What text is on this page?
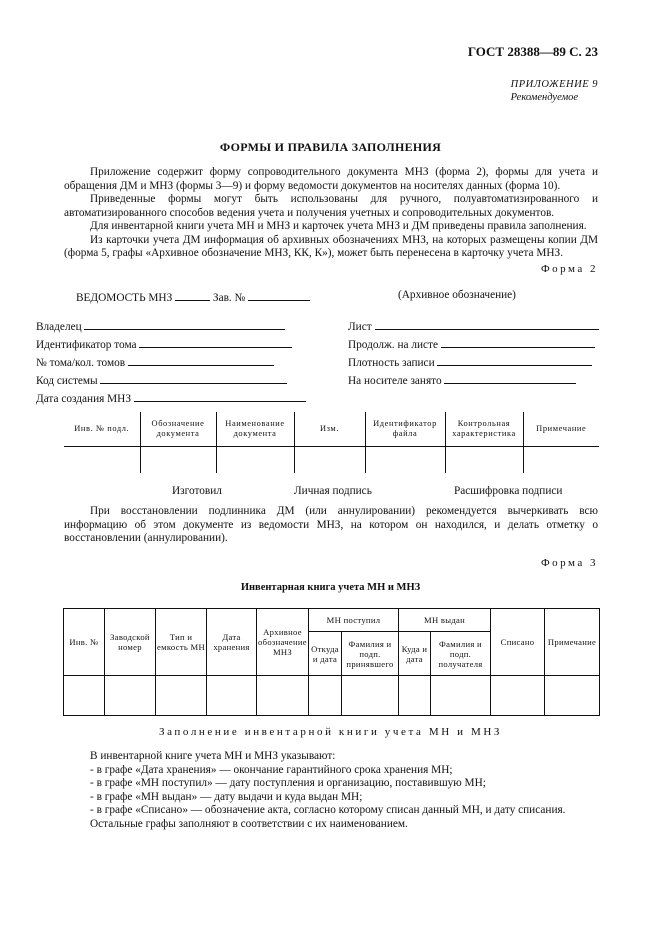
ГОСТ 28388—89 С. 23
ПРИЛОЖЕНИЕ 9
Рекомендуемое
ФОРМЫ И ПРАВИЛА ЗАПОЛНЕНИЯ

Приложение содержит форму сопроводительного документа МНЗ (форма 2), формы для учета и обращения ДМ и МНЗ (формы 3—9) и форму ведомости документов на носителях данных (форма 10).

Приведенные формы могут быть использованы для ручного, полуавтоматизированного и автоматизированного способов ведения учета и получения учетных и сопроводительных документов.

Для инвентарной книги учета МН и МНЗ и карточек учета МНЗ и ДМ приведены правила заполнения.

Из карточки учета ДМ информация об архивных обозначениях МНЗ, на которых размещены копии ДМ (форма 5, графы «Архивное обозначение МНЗ, КК, К»), может быть перенесена в карточку учета МНЗ.

Форма 2
ВЕДОМОСТЬ МНЗ	Зав. №	(Архивное обозначение)
Владелец
Идентификатор тома
№ тома/кол. томов
Код системы
Дата создания МНЗ
Лист
Продолж. на листе
Плотность записи
На носителе занято
Инв. № подл.	Обозначение документа	Наименование документа	Изм.	Идентификатор файла	Контрольная характеристика	Примечание

Изготовил	Личная подпись	Расшифровка подписи

При восстановлении подлинника ДМ (или аннулировании) рекомендуется вычеркивать всю информацию об этом документе из ведомости МНЗ, на котором он находился, и делать отметку о восстановлении (аннулировании).

Форма 3
Инвентарная книга учета МН и МНЗ
Инв. №	Заводской номер	Тип и емкость МН	Дата хранения	Архивное обозначение МНЗ	МН поступил		МН выдан		Списано	Примечание
					Откуда и дата	Фамилия и подп. принявшего	Куда и дата	Фамилия и подп. получателя		

Заполнение инвентарной книги учета МН и МНЗ
В инвентарной книге учета МН и МНЗ указывают:
- в графе «Дата хранения» — окончание гарантийного срока хранения МН;
- в графе «МН поступил» — дату поступления и организацию, поставившую МН;
- в графе «МН выдан» — дату выдачи и куда выдан МН;
- в графе «Списано» — обозначение акта, согласно которому списан данный МН, и дату списания.
Остальные графы заполняют в соответствии с их наименованием.
